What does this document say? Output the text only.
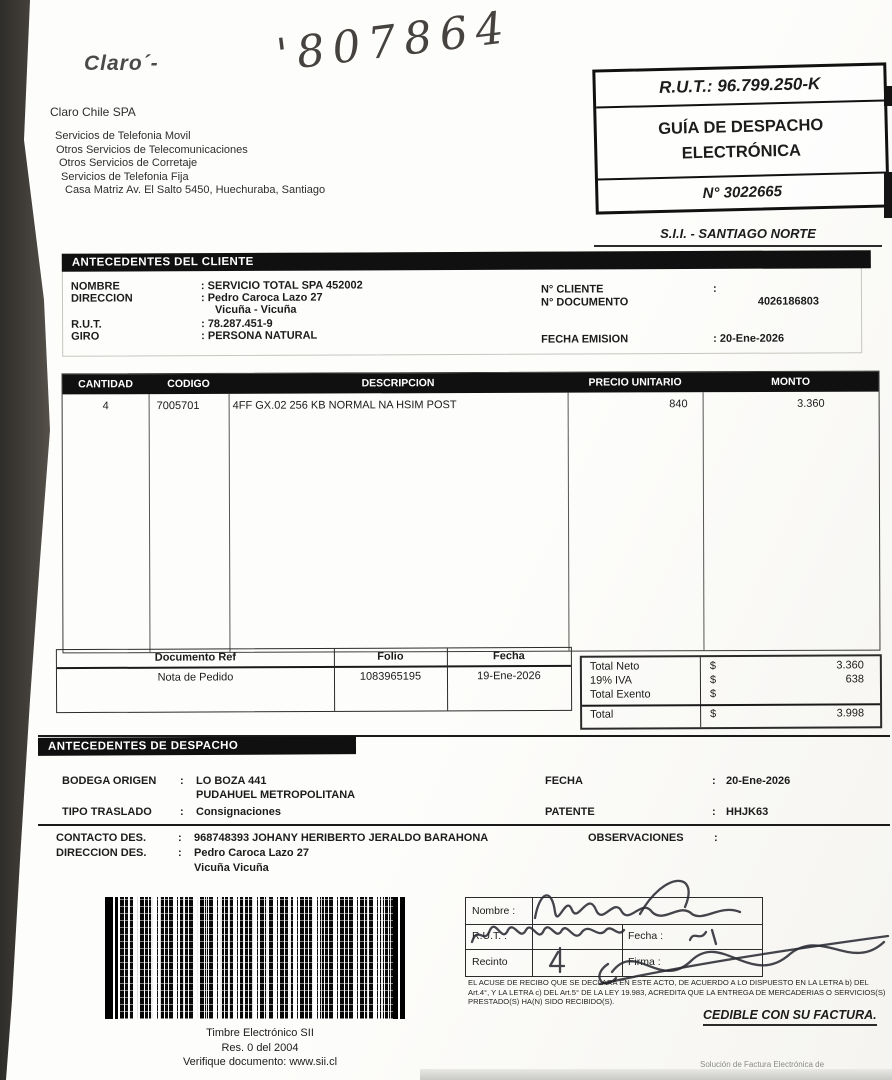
'807864
Claro´-
Claro Chile SPA
Servicios de Telefonia Movil
Otros Servicios de Telecomunicaciones
Otros Servicios de Corretaje
Servicios de Telefonia Fija
Casa Matriz Av. El Salto 5450, Huechuraba, Santiago
R.U.T.: 96.799.250-K
GUÍA DE DESPACHO
ELECTRÓNICA
N° 3022665
S.I.I. - SANTIAGO NORTE
ANTECEDENTES DEL CLIENTE
NOMBRE	: SERVICIO TOTAL SPA 452002
DIRECCION	: Pedro Caroca Lazo 27
Vicuña - Vicuña
R.U.T.	: 78.287.451-9
GIRO	: PERSONA NATURAL
N° CLIENTE	:
N° DOCUMENTO	4026186803
FECHA EMISION	: 20-Ene-2026
CANTIDAD	CODIGO	DESCRIPCION	PRECIO UNITARIO	MONTO
4	7005701	4FF GX.02 256 KB NORMAL NA HSIM POST	840	3.360
Documento Ref	Folio	Fecha
Nota de Pedido	1083965195	19-Ene-2026
Total Neto	$	3.360
19% IVA	$	638
Total Exento	$
Total	$	3.998
ANTECEDENTES DE DESPACHO
BODEGA ORIGEN : LO BOZA 441
PUDAHUEL METROPOLITANA
TIPO TRASLADO	: Consignaciones
FECHA	: 20-Ene-2026
PATENTE	: HHJK63
CONTACTO DES.	: 968748393 JOHANY HERIBERTO JERALDO BARAHONA	OBSERVACIONES	:
DIRECCION DES.	: Pedro Caroca Lazo 27
Vicuña Vicuña
Timbre Electrónico SII
Res. 0 del 2004
Verifique documento: www.sii.cl
Nombre :
R.U.T. :
Recinto
Fecha :
Firma :
EL ACUSE DE RECIBO QUE SE DECLARA EN ESTE ACTO, DE ACUERDO A LO DISPUESTO EN LA LETRA b) DEL Art.4°, Y LA LETRA c) DEL Art.5° DE LA LEY 19.983, ACREDITA QUE LA ENTREGA DE MERCADERIAS O SERVICIOS(S) PRESTADO(S) HA(N) SIDO RECIBIDO(S).
CEDIBLE CON SU FACTURA.
Solución de Factura Electrónica de
